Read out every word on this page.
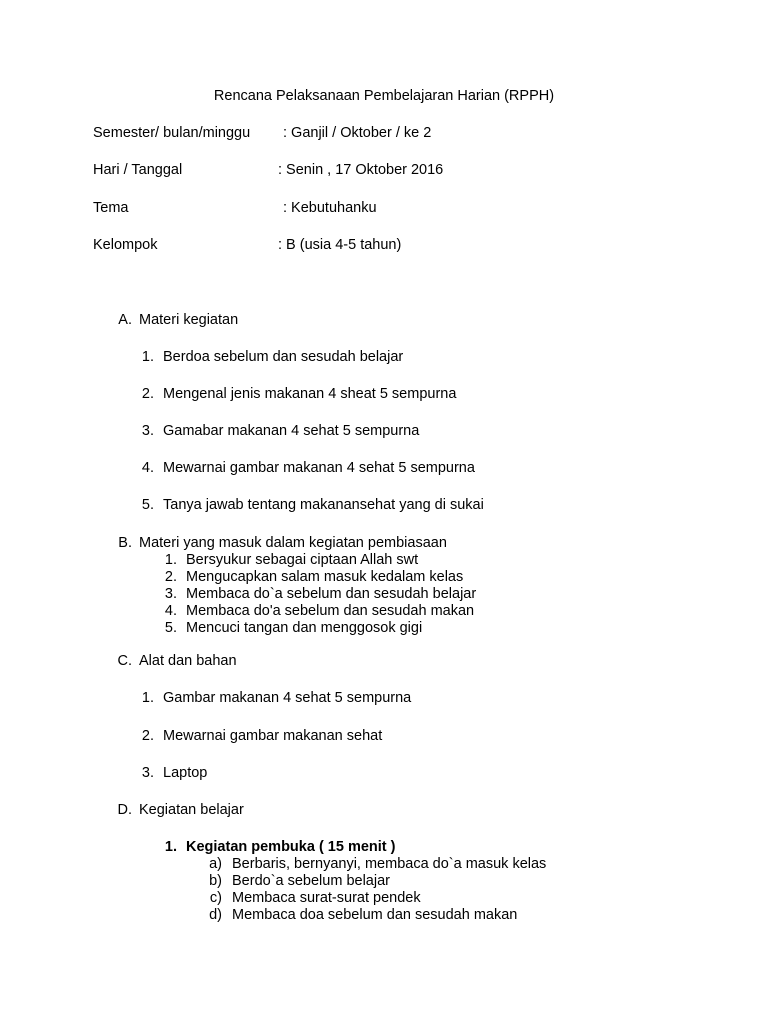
Rencana Pelaksanaan Pembelajaran Harian (RPPH)
Semester/ bulan/minggu : Ganjil / Oktober / ke 2
Hari / Tanggal	: Senin , 17 Oktober 2016
Tema	: Kebutuhanku
Kelompok	: B (usia 4-5 tahun)
A. Materi kegiatan
1. Berdoa sebelum dan sesudah belajar
2. Mengenal jenis makanan 4 sheat 5 sempurna
3. Gamabar makanan 4 sehat 5 sempurna
4. Mewarnai gambar makanan 4 sehat 5 sempurna
5. Tanya jawab tentang makanansehat yang di sukai
B. Materi yang masuk dalam kegiatan pembiasaan
1. Bersyukur sebagai ciptaan Allah swt
2. Mengucapkan salam masuk kedalam kelas
3. Membaca do`a sebelum dan sesudah belajar
4. Membaca do'a sebelum dan sesudah makan
5. Mencuci tangan dan menggosok gigi
C. Alat dan bahan
1. Gambar makanan 4 sehat 5 sempurna
2. Mewarnai gambar makanan sehat
3. Laptop
D. Kegiatan belajar
1. Kegiatan pembuka ( 15 menit )
a) Berbaris, bernyanyi, membaca do`a masuk kelas
b) Berdo`a sebelum belajar
c) Membaca surat-surat pendek
d) Membaca doa sebelum dan sesudah makan
